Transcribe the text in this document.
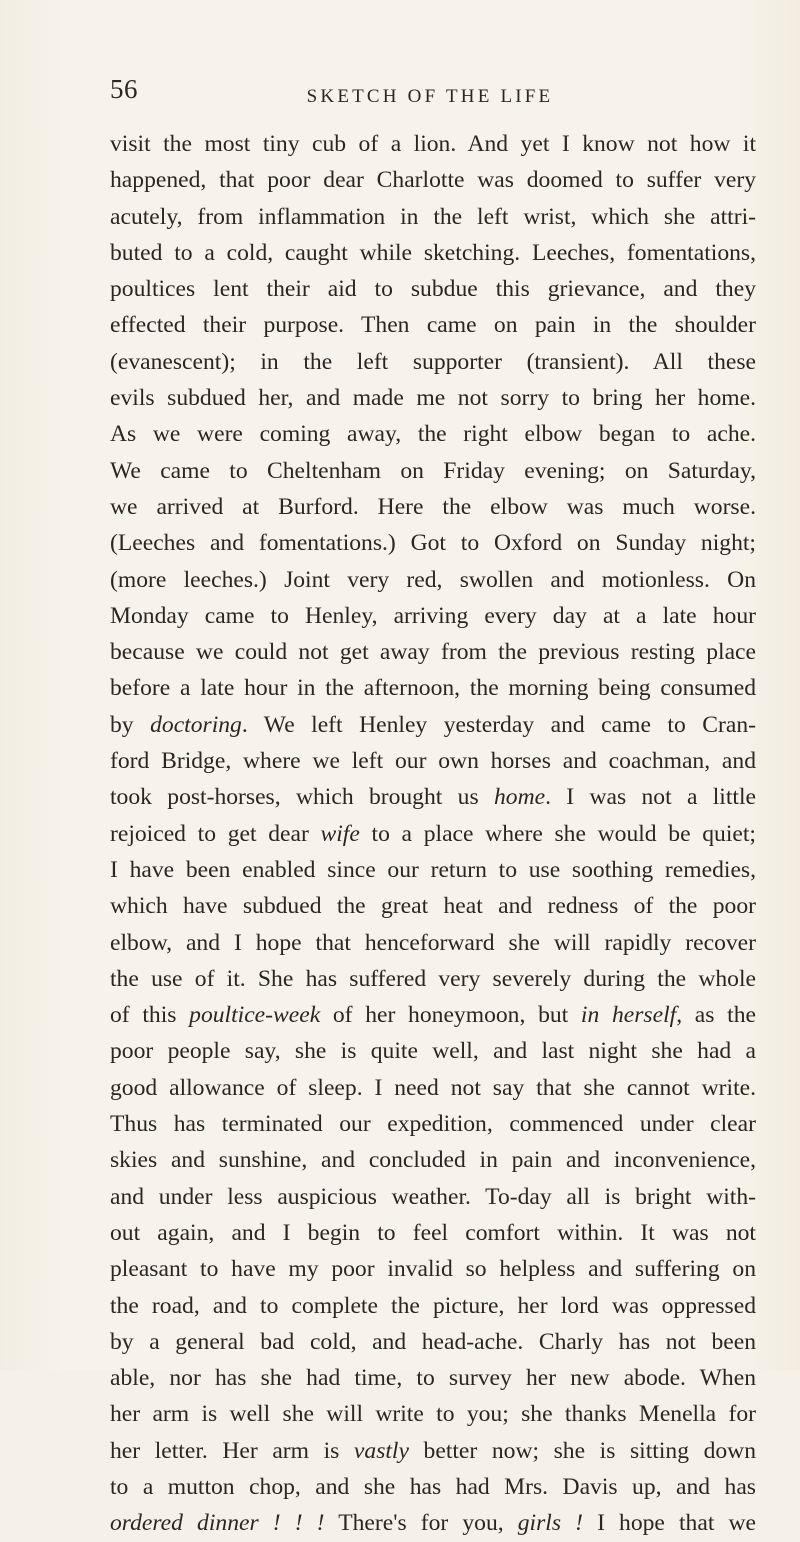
56	SKETCH OF THE LIFE
visit the most tiny cub of a lion. And yet I know not how it
happened, that poor dear Charlotte was doomed to suffer very
acutely, from inflammation in the left wrist, which she attri-
buted to a cold, caught while sketching. Leeches, fomentations,
poultices lent their aid to subdue this grievance, and they
effected their purpose. Then came on pain in the shoulder
(evanescent); in the left supporter (transient). All these
evils subdued her, and made me not sorry to bring her home.
As we were coming away, the right elbow began to ache.
We came to Cheltenham on Friday evening; on Saturday,
we arrived at Burford. Here the elbow was much worse.
(Leeches and fomentations.) Got to Oxford on Sunday night;
(more leeches.) Joint very red, swollen and motionless. On
Monday came to Henley, arriving every day at a late hour
because we could not get away from the previous resting place
before a late hour in the afternoon, the morning being consumed
by doctoring. We left Henley yesterday and came to Cran-
ford Bridge, where we left our own horses and coachman, and
took post-horses, which brought us home. I was not a little
rejoiced to get dear wife to a place where she would be quiet;
I have been enabled since our return to use soothing remedies,
which have subdued the great heat and redness of the poor
elbow, and I hope that henceforward she will rapidly recover
the use of it. She has suffered very severely during the whole
of this poultice-week of her honeymoon, but in herself, as the
poor people say, she is quite well, and last night she had a
good allowance of sleep. I need not say that she cannot write.
Thus has terminated our expedition, commenced under clear
skies and sunshine, and concluded in pain and inconvenience,
and under less auspicious weather. To-day all is bright with-
out again, and I begin to feel comfort within. It was not
pleasant to have my poor invalid so helpless and suffering on
the road, and to complete the picture, her lord was oppressed
by a general bad cold, and head-ache. Charly has not been
able, nor has she had time, to survey her new abode. When
her arm is well she will write to you; she thanks Menella for
her letter. Her arm is vastly better now; she is sitting down
to a mutton chop, and she has had Mrs. Davis up, and has
ordered dinner ! ! ! There's for you, girls ! I hope that we
